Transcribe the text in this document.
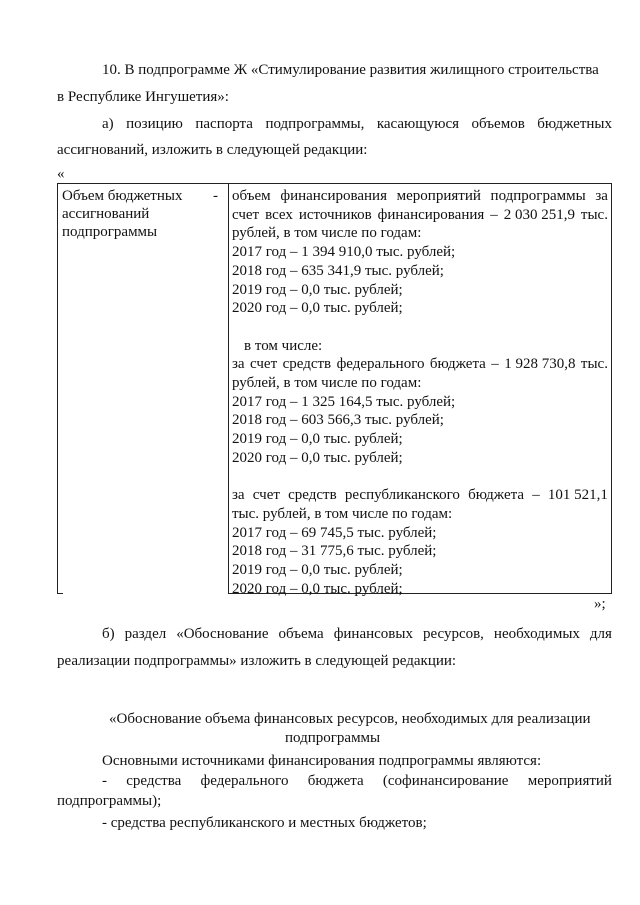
10. В подпрограмме Ж «Стимулирование развития жилищного строительства
в Республике Ингушетия»:
а) позицию паспорта подпрограммы, касающуюся объемов бюджетных
ассигнований, изложить в следующей редакции:
«
Объем бюджетных
ассигнований
подпрограммы
- объем финансирования мероприятий подпрограммы за
счет всех источников финансирования – 2 030 251,9 тыс.
рублей, в том числе по годам:
2017 год – 1 394 910,0 тыс. рублей;
2018 год – 635 341,9 тыс. рублей;
2019 год – 0,0 тыс. рублей;
2020 год – 0,0 тыс. рублей;
в том числе:
за счет средств федерального бюджета – 1 928 730,8 тыс.
рублей, в том числе по годам:
2017 год – 1 325 164,5 тыс. рублей;
2018 год – 603 566,3 тыс. рублей;
2019 год – 0,0 тыс. рублей;
2020 год – 0,0 тыс. рублей;
за счет средств республиканского бюджета – 101 521,1
тыс. рублей, в том числе по годам:
2017 год – 69 745,5 тыс. рублей;
2018 год – 31 775,6 тыс. рублей;
2019 год – 0,0 тыс. рублей;
2020 год – 0,0 тыс. рублей;
»;
б) раздел «Обоснование объема финансовых ресурсов, необходимых для
реализации подпрограммы» изложить в следующей редакции:
«Обоснование объема финансовых ресурсов, необходимых для реализации
подпрограммы
Основными источниками финансирования подпрограммы являются:
- средства федерального бюджета (софинансирование мероприятий
подпрограммы);
- средства республиканского и местных бюджетов;
